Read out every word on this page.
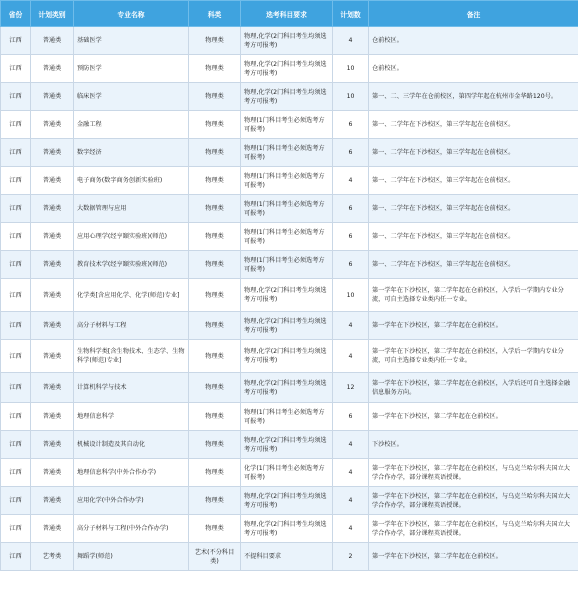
省份	计划类别	专业名称	科类	选考科目要求	计划数	备注
江西	普通类	基础医学	物理类	物理,化学(2门科目考生均须选考方可报考)	4	仓前校区。
江西	普通类	预防医学	物理类	物理,化学(2门科目考生均须选考方可报考)	10	仓前校区。
江西	普通类	临床医学	物理类	物理,化学(2门科目考生均须选考方可报考)	10	第一、二、三学年在仓前校区，第四学年起在杭州市金华路120号。
江西	普通类	金融工程	物理类	物理(1门科目考生必须选考方可报考)	6	第一、二学年在下沙校区，第三学年起在仓前校区。
江西	普通类	数字经济	物理类	物理(1门科目考生必须选考方可报考)	6	第一、二学年在下沙校区，第三学年起在仓前校区。
江西	普通类	电子商务(数字商务创新实验班)	物理类	物理(1门科目考生必须选考方可报考)	4	第一、二学年在下沙校区，第三学年起在仓前校区。
江西	普通类	大数据管理与应用	物理类	物理(1门科目考生必须选考方可报考)	6	第一、二学年在下沙校区，第三学年起在仓前校区。
江西	普通类	应用心理学(经亨颐实验班)(师范)	物理类	物理(1门科目考生必须选考方可报考)	6	第一、二学年在下沙校区，第三学年起在仓前校区。
江西	普通类	教育技术学(经亨颐实验班)(师范)	物理类	物理(1门科目考生必须选考方可报考)	6	第一、二学年在下沙校区，第三学年起在仓前校区。
江西	普通类	化学类[含应用化学、化学(师范)专业]	物理类	物理,化学(2门科目考生均须选考方可报考)	10	第一学年在下沙校区，第二学年起在仓前校区，入学后一学期内专业分流，可自主选择专业类内任一专业。
江西	普通类	高分子材料与工程	物理类	物理,化学(2门科目考生均须选考方可报考)	4	第一学年在下沙校区，第二学年起在仓前校区。
江西	普通类	生物科学类[含生物技术、生态学、生物科学(师范)专业]	物理类	物理,化学(2门科目考生均须选考方可报考)	4	第一学年在下沙校区，第二学年起在仓前校区，入学后一学期内专业分流，可自主选择专业类内任一专业。
江西	普通类	计算机科学与技术	物理类	物理,化学(2门科目考生均须选考方可报考)	12	第一学年在下沙校区，第二学年起在仓前校区，入学后还可自主选择金融信息服务方向。
江西	普通类	地理信息科学	物理类	物理(1门科目考生必须选考方可报考)	6	第一学年在下沙校区，第二学年起在仓前校区。
江西	普通类	机械设计制造及其自动化	物理类	物理,化学(2门科目考生均须选考方可报考)	4	下沙校区。
江西	普通类	地理信息科学(中外合作办学)	物理类	化学(1门科目考生必须选考方可报考)	4	第一学年在下沙校区，第二学年起在仓前校区，与乌克兰哈尔科夫国立大学合作办学，部分课程英语授课。
江西	普通类	应用化学(中外合作办学)	物理类	物理,化学(2门科目考生均须选考方可报考)	4	第一学年在下沙校区，第二学年起在仓前校区，与乌克兰哈尔科夫国立大学合作办学，部分课程英语授课。
江西	普通类	高分子材料与工程(中外合作办学)	物理类	物理,化学(2门科目考生均须选考方可报考)	4	第一学年在下沙校区，第二学年起在仓前校区，与乌克兰哈尔科夫国立大学合作办学，部分课程英语授课。
江西	艺考类	舞蹈学(师范)	艺术(不分科目类)	不提科目要求	2	第一学年在下沙校区，第二学年起在仓前校区。
